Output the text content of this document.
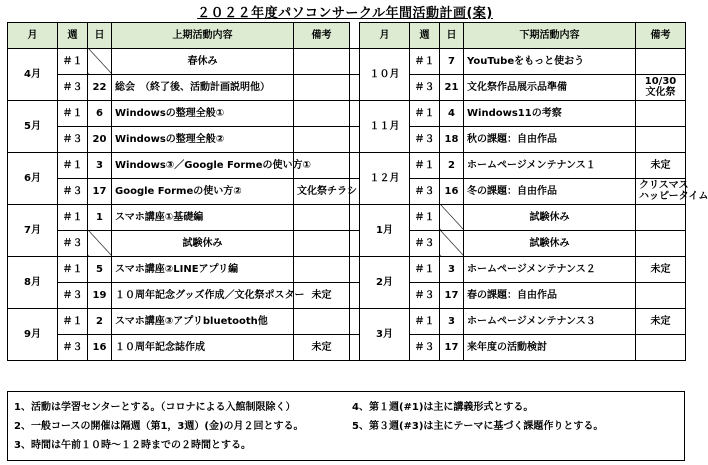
２０２２年度パソコンサークル年間活動計画(案)
月	週	日	上期活動内容	備考		月	週	日	下期活動内容	備考
4月	＃１		春休み			１０月	＃１	7	YouTubeをもっと使おう	
	＃３	22	総会　（終了後、活動計画説明他）				＃３	21	文化祭作品展示品準備	10/30
文化祭
5月	＃１	6	Windowsの整理全般①			１１月	＃１	4	Windows11の考察	
	＃３	20	Windowsの整理全般②				＃３	18	秋の課題：自由作品	
6月	＃１	3	Windows③／Google Formeの使い方①			１２月	＃１	2	ホームページメンテナンス１	未定
	＃３	17	Google Formeの使い方②	文化祭チラシ			＃３	16	冬の課題：自由作品	クリスマス
ハッピータイム
7月	＃１	1	スマホ講座①基礎編			1月	＃１		試験休み	
	＃３		試験休み				＃３		試験休み	
8月	＃１	5	スマホ講座②LINEアプリ編			2月	＃１	3	ホームページメンテナンス２	未定
	＃３	19	１０周年記念グッズ作成／文化祭ポスター	未定			＃３	17	春の課題：自由作品	
9月	＃１	2	スマホ講座③アプリbluetooth他			3月	＃１	3	ホームページメンテナンス３	未定
	＃３	16	１０周年記念誌作成	未定			＃３	17	来年度の活動検討	
1、活動は学習センターとする。（コロナによる入館制限除く）
2、一般コースの開催は隔週（第1，3週）(金)の月２回とする。
3、時間は午前１０時～１２時までの２時間とする。
4、第１週(#1)は主に講義形式とする。
5、第３週(#3)は主にテーマに基づく課題作りとする。
